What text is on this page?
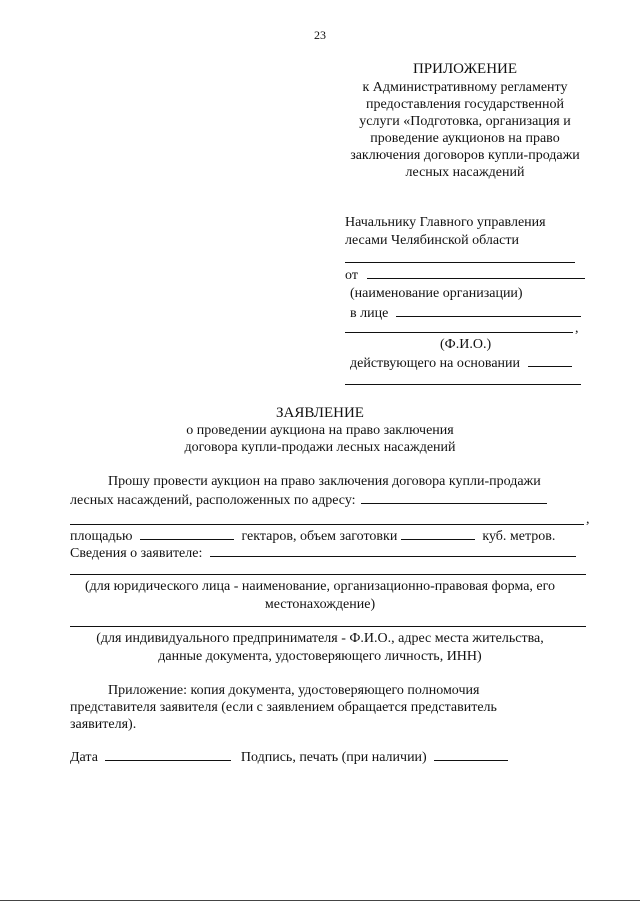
23
ПРИЛОЖЕНИЕ
к Административному регламенту
предоставления государственной
услуги «Подготовка, организация и
проведение аукционов на право
заключения договоров купли-продажи
лесных насаждений
Начальнику Главного управления
лесами Челябинской области
от
(наименование организации)
в лице
,
(Ф.И.О.)
действующего на основании
ЗАЯВЛЕНИЕ
о проведении аукциона на право заключения
договора купли-продажи лесных насаждений
Прошу провести аукцион на право заключения договора купли-продажи
лесных насаждений, расположенных по адресу:
,
площадью	гектаров, объем заготовки	куб. метров.
Сведения о заявителе:
(для юридического лица - наименование, организационно-правовая форма, его
местонахождение)
(для индивидуального предпринимателя - Ф.И.О., адрес места жительства,
данные документа, удостоверяющего личность, ИНН)
Приложение: копия документа, удостоверяющего полномочия
представителя заявителя (если с заявлением обращается представитель
заявителя).
Дата	Подпись, печать (при наличии)
